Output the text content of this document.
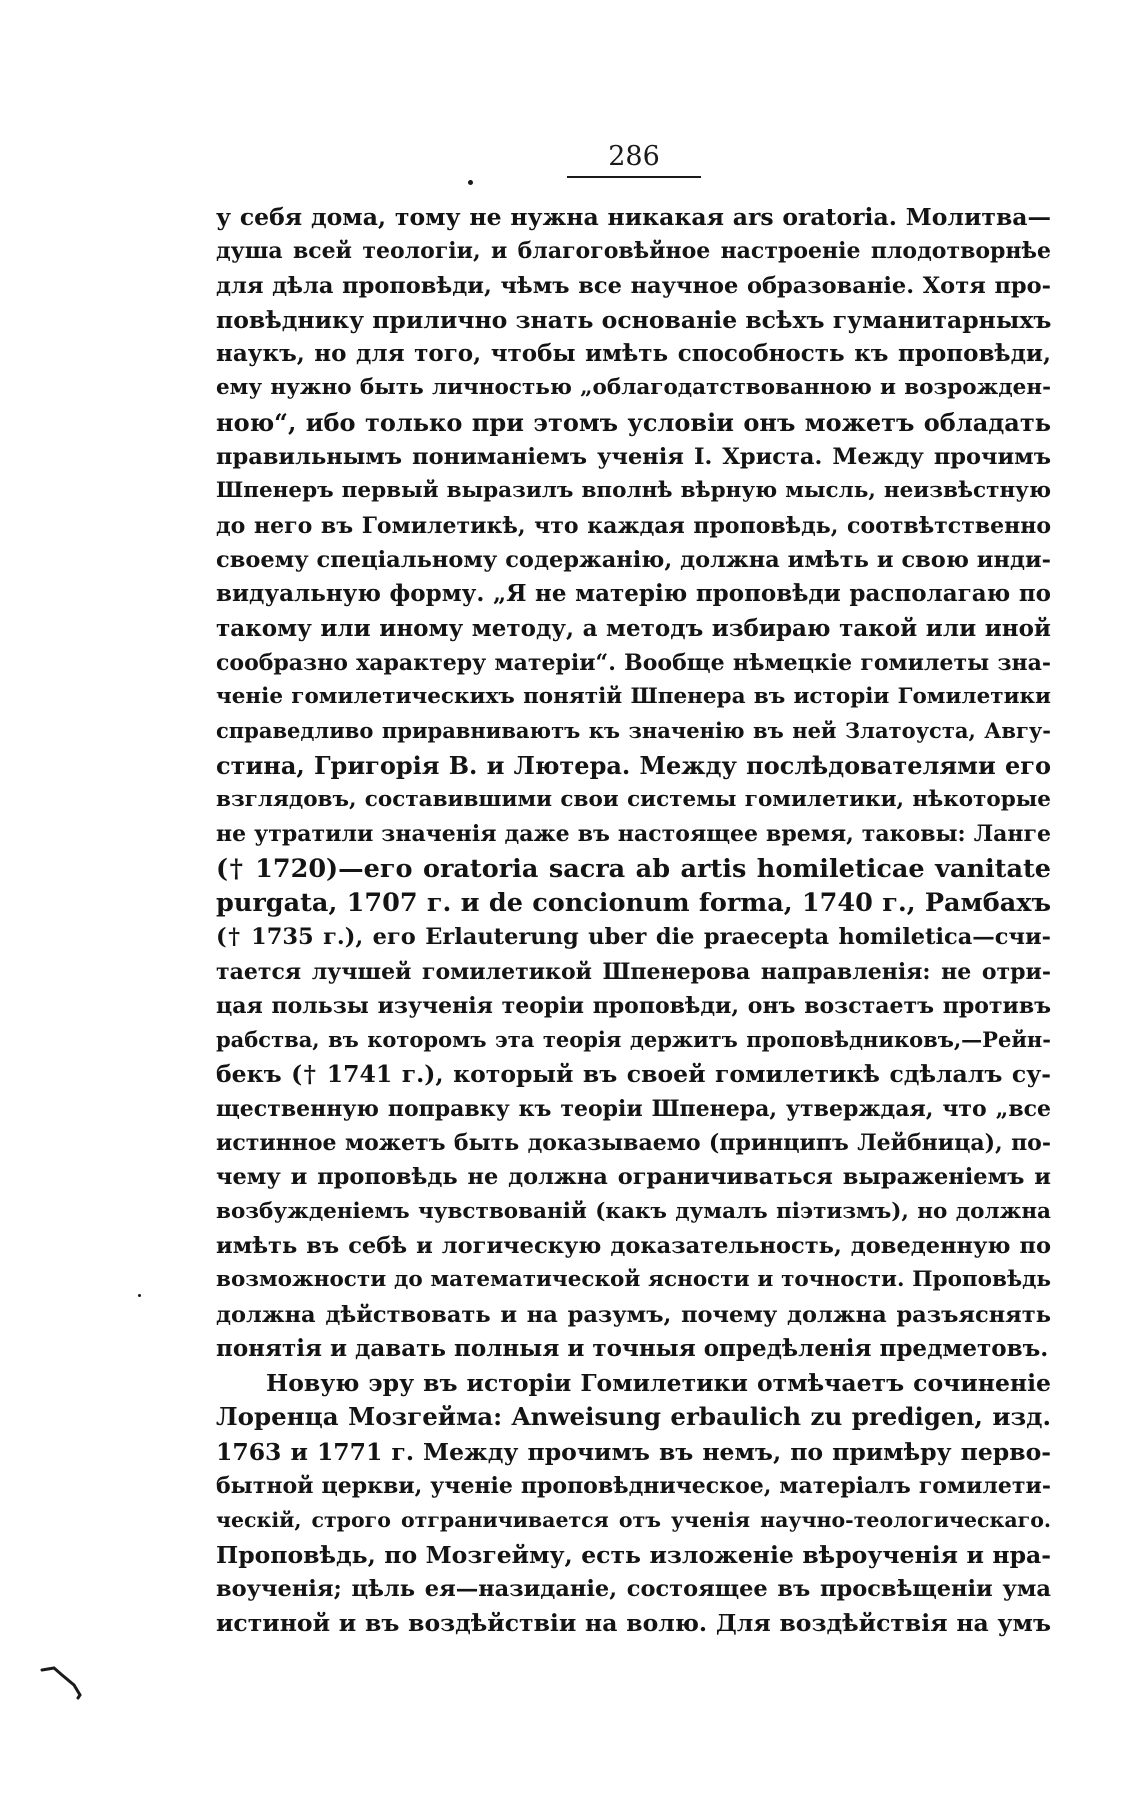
286
у себя дома, тому не нужна никакая ars oratoria. Молитва—
душа всей теологіи, и благоговѣйное настроеніе плодотворнѣе
для дѣла проповѣди, чѣмъ все научное образованіе. Хотя про-
повѣднику прилично знать основаніе всѣхъ гуманитарныхъ
наукъ, но для того, чтобы имѣть способность къ проповѣди,
ему нужно быть личностью „облагодатствованною и возрожден-
ною“, ибо только при этомъ условіи онъ можетъ обладать
правильнымъ пониманіемъ ученія І. Христа. Между прочимъ
Шпенеръ первый выразилъ вполнѣ вѣрную мысль, неизвѣстную
до него въ Гомилетикѣ, что каждая проповѣдь, соотвѣтственно
своему спеціальному содержанію, должна имѣть и свою инди-
видуальную форму. „Я не матерію проповѣди располагаю по
такому или иному методу, а методъ избираю такой или иной
сообразно характеру матеріи“. Вообще нѣмецкіе гомилеты зна-
ченіе гомилетическихъ понятій Шпенера въ исторіи Гомилетики
справедливо приравниваютъ къ значенію въ ней Златоуста, Авгу-
стина, Григорія В. и Лютера. Между послѣдователями его
взглядовъ, составившими свои системы гомилетики, нѣкоторые
не утратили значенія даже въ настоящее время, таковы: Ланге
(† 1720)—его oratoria sacra ab artis homileticae vanitate
purgata, 1707 г. и de concionum forma, 1740 г., Рамбахъ
(† 1735 г.), его Erlauterung uber die praecepta homiletica—счи-
тается лучшей гомилетикой Шпенерова направленія: не отри-
цая пользы изученія теоріи проповѣди, онъ возстаетъ противъ
рабства, въ которомъ эта теорія держитъ проповѣдниковъ,—Рейн-
бекъ († 1741 г.), который въ своей гомилетикѣ сдѣлалъ су-
щественную поправку къ теоріи Шпенера, утверждая, что „все
истинное можетъ быть доказываемо (принципъ Лейбница), по-
чему и проповѣдь не должна ограничиваться выраженіемъ и
возбужденіемъ чувствованій (какъ думалъ піэтизмъ), но должна
имѣть въ себѣ и логическую доказательность, доведенную по
возможности до математической ясности и точности. Проповѣдь
должна дѣйствовать и на разумъ, почему должна разъяснять
понятія и давать полныя и точныя опредѣленія предметовъ.
Новую эру въ исторіи Гомилетики отмѣчаетъ сочиненіе
Лоренца Мозгейма: Anweisung erbaulich zu predigen, изд.
1763 и 1771 г. Между прочимъ въ немъ, по примѣру перво-
бытной церкви, ученіе проповѣдническое, матеріалъ гомилети-
ческій, строго отграничивается отъ ученія научно-теологическаго.
Проповѣдь, по Мозгейму, есть изложеніе вѣроученія и нра-
воученія; цѣль ея—назиданіе, состоящее въ просвѣщеніи ума
истиной и въ воздѣйствіи на волю. Для воздѣйствія на умъ
